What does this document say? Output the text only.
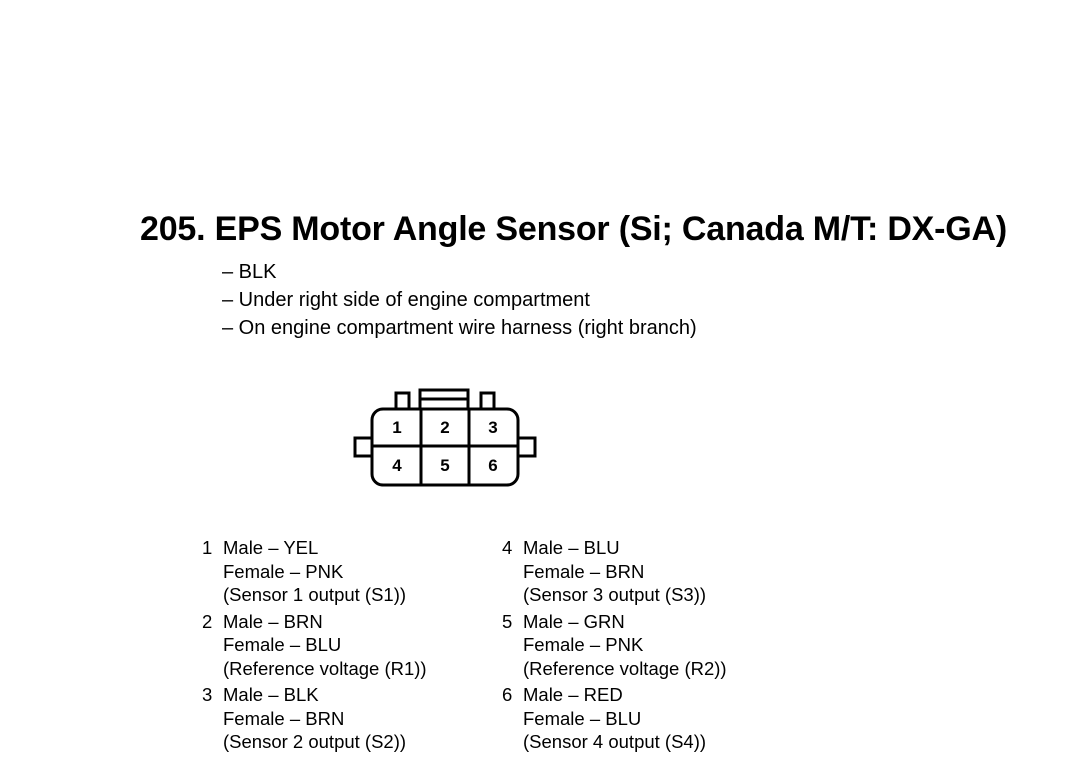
205. EPS Motor Angle Sensor (Si; Canada M/T: DX-GA)
– BLK
– Under right side of engine compartment
– On engine compartment wire harness (right branch)
1 2 3
4 5 6
1 Male – YEL
Female – PNK
(Sensor 1 output (S1))
2 Male – BRN
Female – BLU
(Reference voltage (R1))
3 Male – BLK
Female – BRN
(Sensor 2 output (S2))
4 Male – BLU
Female – BRN
(Sensor 3 output (S3))
5 Male – GRN
Female – PNK
(Reference voltage (R2))
6 Male – RED
Female – BLU
(Sensor 4 output (S4))
